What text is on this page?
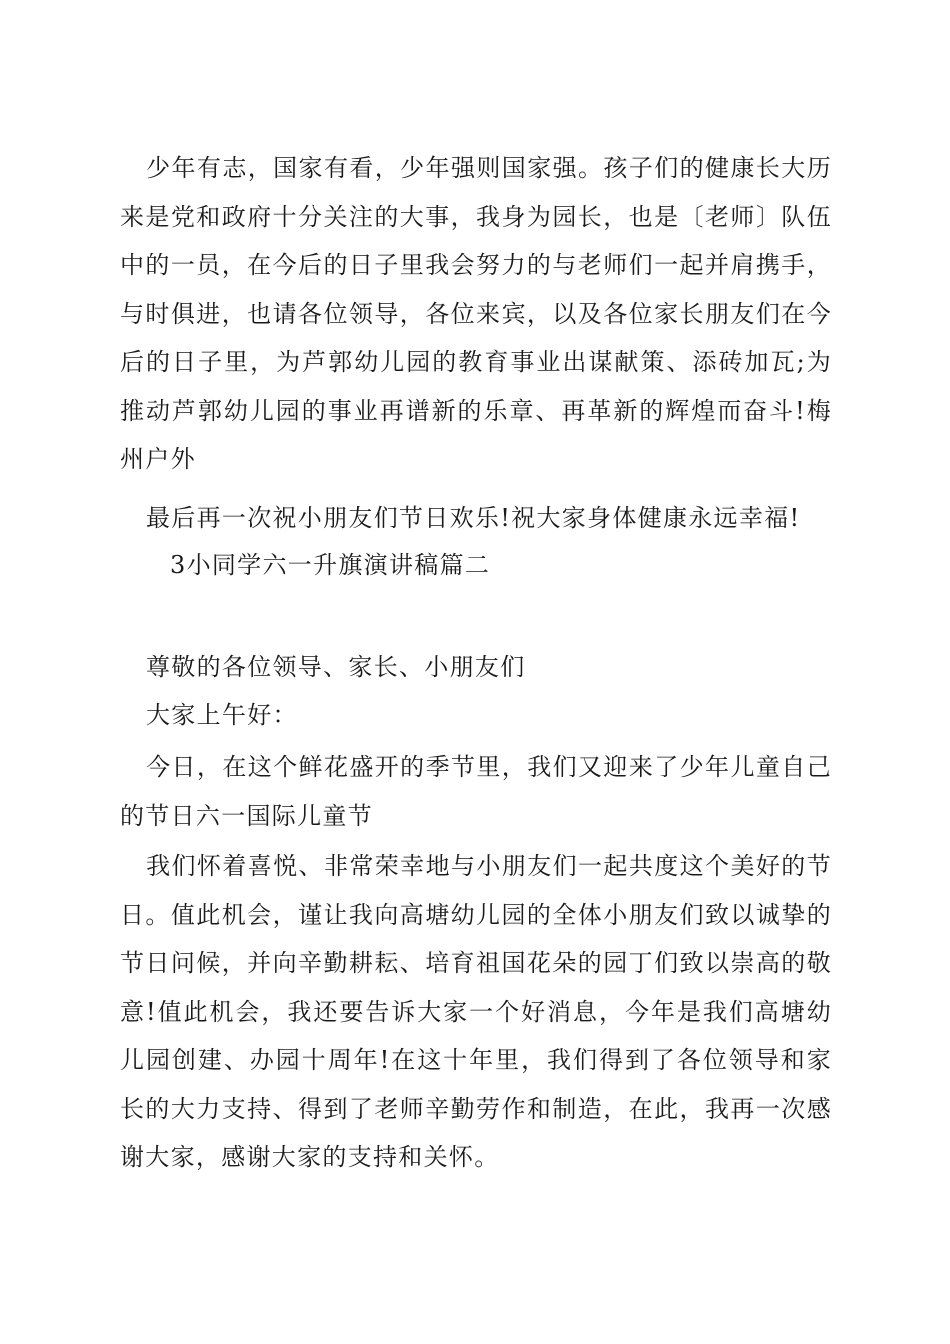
少年有志，国家有看，少年强则国家强。孩子们的健康长大历来是党和政府十分关注的大事，我身为园长，也是〔老师〕队伍中的一员，在今后的日子里我会努力的与老师们一起并肩携手，与时俱进，也请各位领导，各位来宾，以及各位家长朋友们在今后的日子里，为芦郭幼儿园的教育事业出谋献策、添砖加瓦;为推动芦郭幼儿园的事业再谱新的乐章、再革新的辉煌而奋斗!梅州户外

最后再一次祝小朋友们节日欢乐!祝大家身体健康永远幸福!

3小同学六一升旗演讲稿篇二

尊敬的各位领导、家长、小朋友们

大家上午好：

今日，在这个鲜花盛开的季节里，我们又迎来了少年儿童自己的节日六一国际儿童节

我们怀着喜悦、非常荣幸地与小朋友们一起共度这个美好的节日。值此机会，谨让我向高塘幼儿园的全体小朋友们致以诚挚的节日问候，并向辛勤耕耘、培育祖国花朵的园丁们致以崇高的敬意!值此机会，我还要告诉大家一个好消息，今年是我们高塘幼儿园创建、办园十周年!在这十年里，我们得到了各位领导和家长的大力支持、得到了老师辛勤劳作和制造，在此，我再一次感谢大家，感谢大家的支持和关怀。
